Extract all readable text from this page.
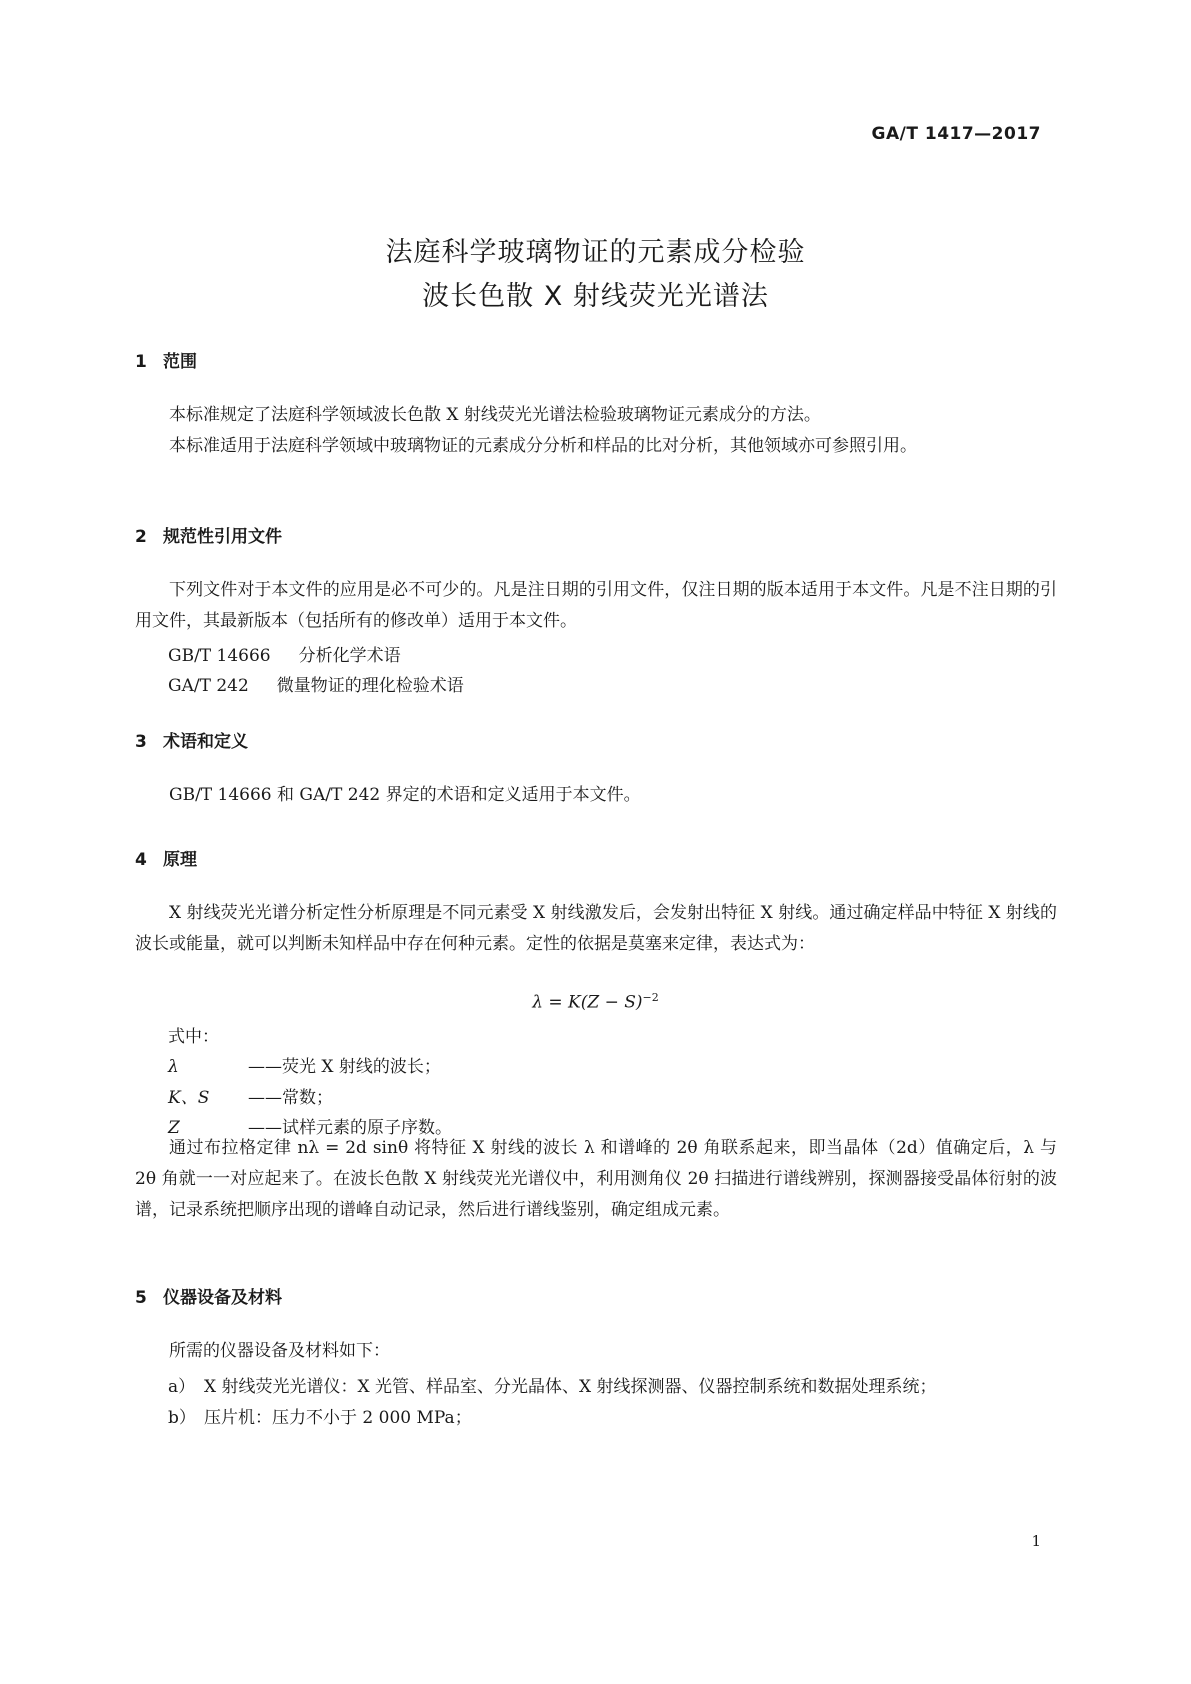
GA/T 1417—2017
法庭科学玻璃物证的元素成分检验
波长色散 X 射线荧光光谱法
1 范围
本标准规定了法庭科学领域波长色散 X 射线荧光光谱法检验玻璃物证元素成分的方法。
本标准适用于法庭科学领域中玻璃物证的元素成分分析和样品的比对分析，其他领域亦可参照引用。
2 规范性引用文件
下列文件对于本文件的应用是必不可少的。凡是注日期的引用文件，仅注日期的版本适用于本文件。凡是不注日期的引用文件，其最新版本（包括所有的修改单）适用于本文件。
GB/T 14666 分析化学术语
GA/T 242 微量物证的理化检验术语
3 术语和定义
GB/T 14666 和 GA/T 242 界定的术语和定义适用于本文件。
4 原理
X 射线荧光光谱分析定性分析原理是不同元素受 X 射线激发后，会发射出特征 X 射线。通过确定样品中特征 X 射线的波长或能量，就可以判断未知样品中存在何种元素。定性的依据是莫塞来定律，表达式为：
$\lambda = K(Z - S)^{-2}$
式中：
λ	——荧光 X 射线的波长；
K、S ——常数；
Z	——试样元素的原子序数。
通过布拉格定律 nλ = 2d sinθ 将特征 X 射线的波长 λ 和谱峰的 2θ 角联系起来，即当晶体（2d）值确定后，λ 与 2θ 角就一一对应起来了。在波长色散 X 射线荧光光谱仪中，利用测角仪 2θ 扫描进行谱线辨别，探测器接受晶体衍射的波谱，记录系统把顺序出现的谱峰自动记录，然后进行谱线鉴别，确定组成元素。
5 仪器设备及材料
所需的仪器设备及材料如下：
a） X 射线荧光光谱仪：X 光管、样品室、分光晶体、X 射线探测器、仪器控制系统和数据处理系统；
b） 压片机：压力不小于 2 000 MPa；
1
